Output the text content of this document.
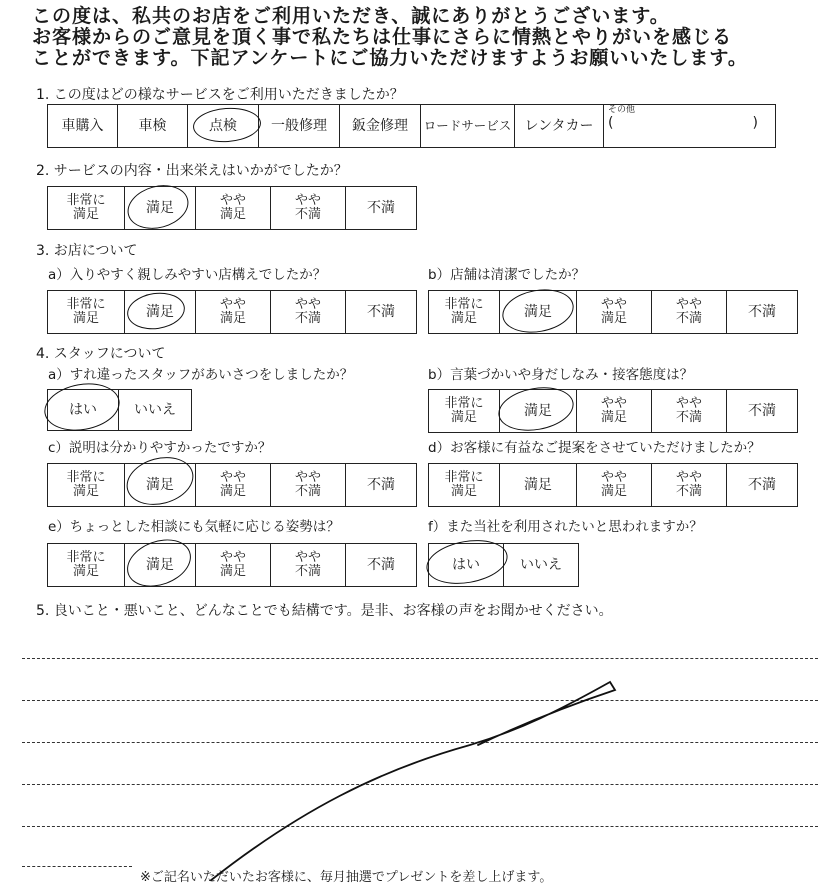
この度は、私共のお店をご利用いただき、誠にありがとうございます。
お客様からのご意見を頂く事で私たちは仕事にさらに情熱とやりがいを感じる
ことができます。下記アンケートにご協力いただけますようお願いいたします。
1. この度はどの様なサービスをご利用いただきましたか？
車購入	車検	点検	一般修理	鈑金修理	ロードサービス レンタカー
その他
(	)
2. サービスの内容・出来栄えはいかがでしたか？
非常に
満足	満足	やや
満足
やや
不満	不満
3. お店について
a）入りやすく親しみやすい店構えでしたか？
非常に
満足	満足	やや
満足
やや
不満	不満
b）店舗は清潔でしたか？
非常に
満足	満足	やや
満足
やや
不満	不満
4. スタッフについて
a）すれ違ったスタッフがあいさつをしましたか？
はい	いいえ
b）言葉づかいや身だしなみ・接客態度は？
非常に
満足	満足	やや
満足
やや
不満	不満
c）説明は分かりやすかったですか？
非常に
満足	満足	やや
満足
やや
不満	不満
d）お客様に有益なご提案をさせていただけましたか？
非常に
満足	満足	やや
満足
やや
不満	不満
e）ちょっとした相談にも気軽に応じる姿勢は？
非常に
満足	満足	やや
満足
やや
不満	不満
f）また当社を利用されたいと思われますか？
はい	いいえ
5. 良いこと・悪いこと、どんなことでも結構です。是非、お客様の声をお聞かせください。
※ご記名いただいたお客様に、毎月抽選でプレゼントを差し上げます。
